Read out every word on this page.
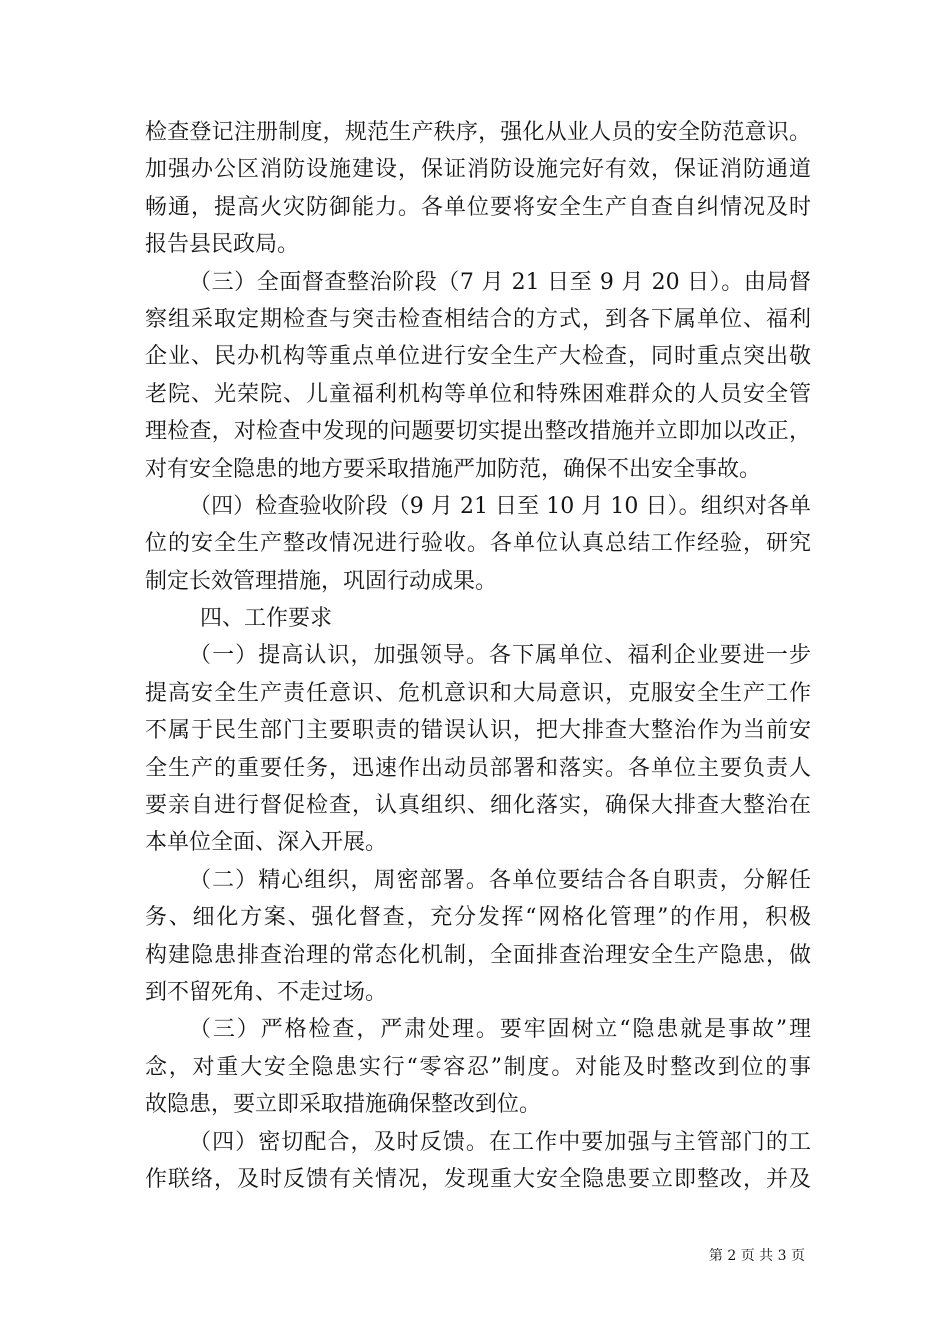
检查登记注册制度，规范生产秩序，强化从业人员的安全防范意识。
加强办公区消防设施建设，保证消防设施完好有效，保证消防通道
畅通，提高火灾防御能力。各单位要将安全生产自查自纠情况及时
报告县民政局。
（三）全面督查整治阶段（7 月 21 日至 9 月 20 日）。由局督
察组采取定期检查与突击检查相结合的方式，到各下属单位、福利
企业、民办机构等重点单位进行安全生产大检查，同时重点突出敬
老院、光荣院、儿童福利机构等单位和特殊困难群众的人员安全管
理检查，对检查中发现的问题要切实提出整改措施并立即加以改正，
对有安全隐患的地方要采取措施严加防范，确保不出安全事故。
（四）检查验收阶段（9 月 21 日至 10 月 10 日）。组织对各单
位的安全生产整改情况进行验收。各单位认真总结工作经验，研究
制定长效管理措施，巩固行动成果。
四、工作要求
（一）提高认识，加强领导。各下属单位、福利企业要进一步
提高安全生产责任意识、危机意识和大局意识，克服安全生产工作
不属于民生部门主要职责的错误认识，把大排查大整治作为当前安
全生产的重要任务，迅速作出动员部署和落实。各单位主要负责人
要亲自进行督促检查，认真组织、细化落实，确保大排查大整治在
本单位全面、深入开展。
（二）精心组织，周密部署。各单位要结合各自职责，分解任
务、细化方案、强化督查，充分发挥“网格化管理”的作用，积极
构建隐患排查治理的常态化机制，全面排查治理安全生产隐患，做
到不留死角、不走过场。
（三）严格检查，严肃处理。要牢固树立“隐患就是事故”理
念，对重大安全隐患实行“零容忍”制度。对能及时整改到位的事
故隐患，要立即采取措施确保整改到位。
（四）密切配合，及时反馈。在工作中要加强与主管部门的工
作联络，及时反馈有关情况，发现重大安全隐患要立即整改，并及
第 2 页 共 3 页
